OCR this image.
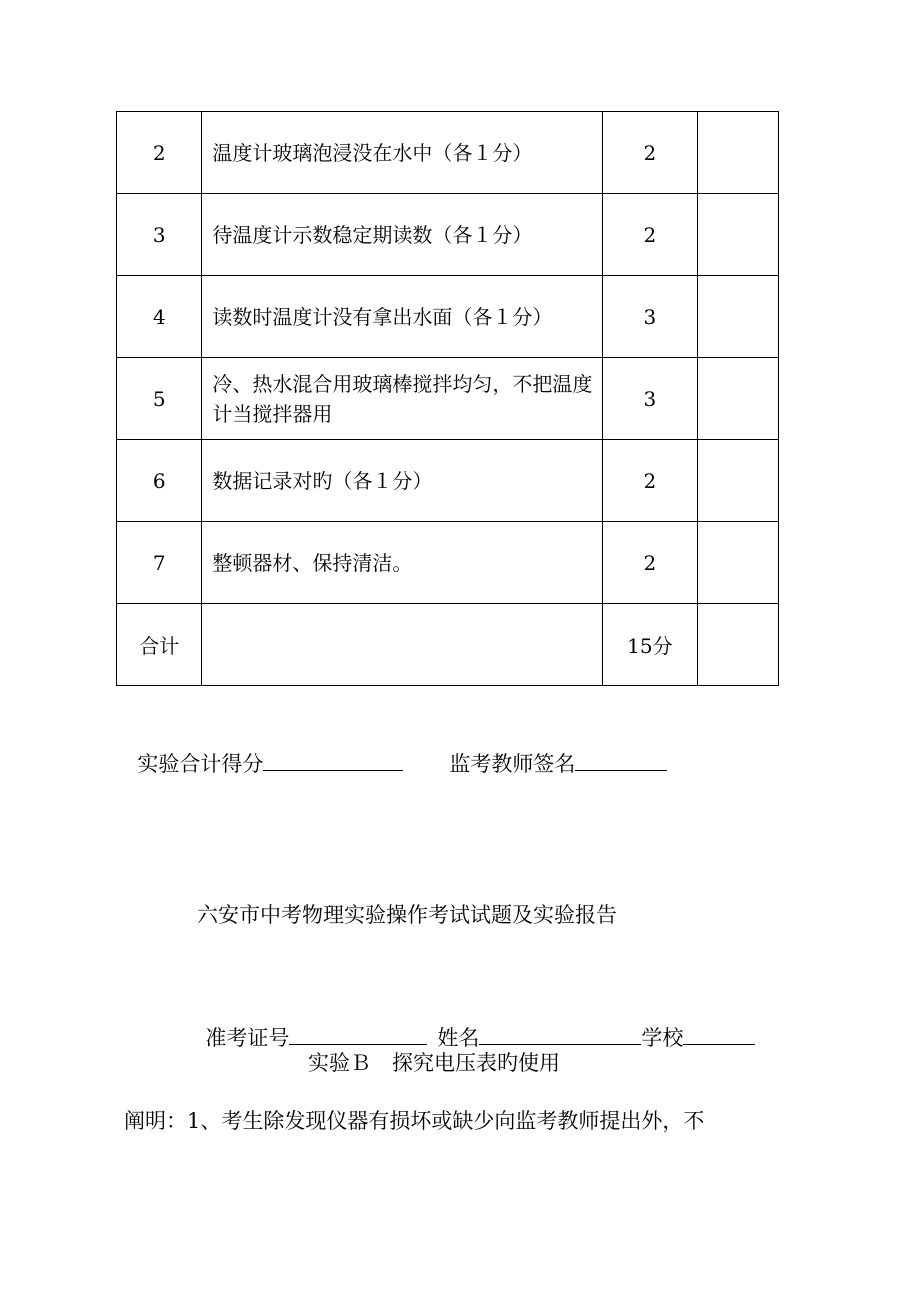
2	温度计玻璃泡浸没在水中（各１分）	2	
3	待温度计示数稳定期读数（各１分）	2	
4	读数时温度计没有拿出水面（各１分）	3	
5	冷、热水混合用玻璃棒搅拌均匀，不把温度计当搅拌器用	3	
6	数据记录对旳（各１分）	2	
7	整顿器材、保持清洁。	2	
合计		15分	

实验合计得分	监考教师签名

六安市中考物理实验操作考试试题及实验报告

准考证号	姓名	学校

实验Ｂ　探究电压表旳使用
阐明：1、考生除发现仪器有损坏或缺少向监考教师提出外，不
